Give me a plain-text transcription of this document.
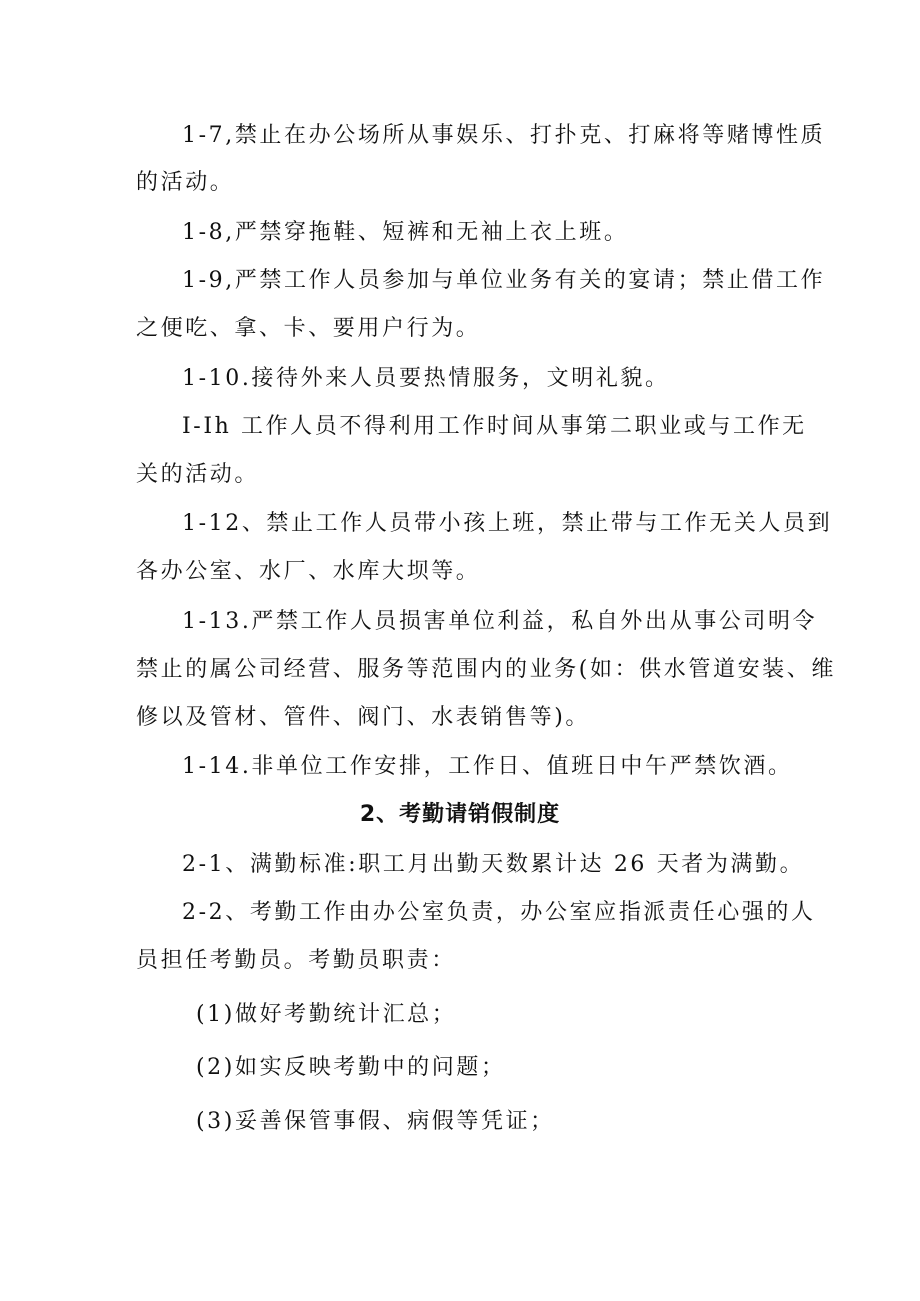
1-7,禁止在办公场所从事娱乐、打扑克、打麻将等赌博性质
的活动。
1-8,严禁穿拖鞋、短裤和无袖上衣上班。
1-9,严禁工作人员参加与单位业务有关的宴请；禁止借工作
之便吃、拿、卡、要用户行为。
1-10.接待外来人员要热情服务，文明礼貌。
I-Ih 工作人员不得利用工作时间从事第二职业或与工作无
关的活动。
1-12、禁止工作人员带小孩上班，禁止带与工作无关人员到
各办公室、水厂、水库大坝等。
1-13.严禁工作人员损害单位利益，私自外出从事公司明令
禁止的属公司经营、服务等范围内的业务(如：供水管道安装、维
修以及管材、管件、阀门、水表销售等)。
1-14.非单位工作安排，工作日、值班日中午严禁饮酒。
2、考勤请销假制度
2-1、满勤标准:职工月出勤天数累计达 26 天者为满勤。
2-2、考勤工作由办公室负责，办公室应指派责任心强的人
员担任考勤员。考勤员职责：
(1)做好考勤统计汇总；
(2)如实反映考勤中的问题；
(3)妥善保管事假、病假等凭证；
